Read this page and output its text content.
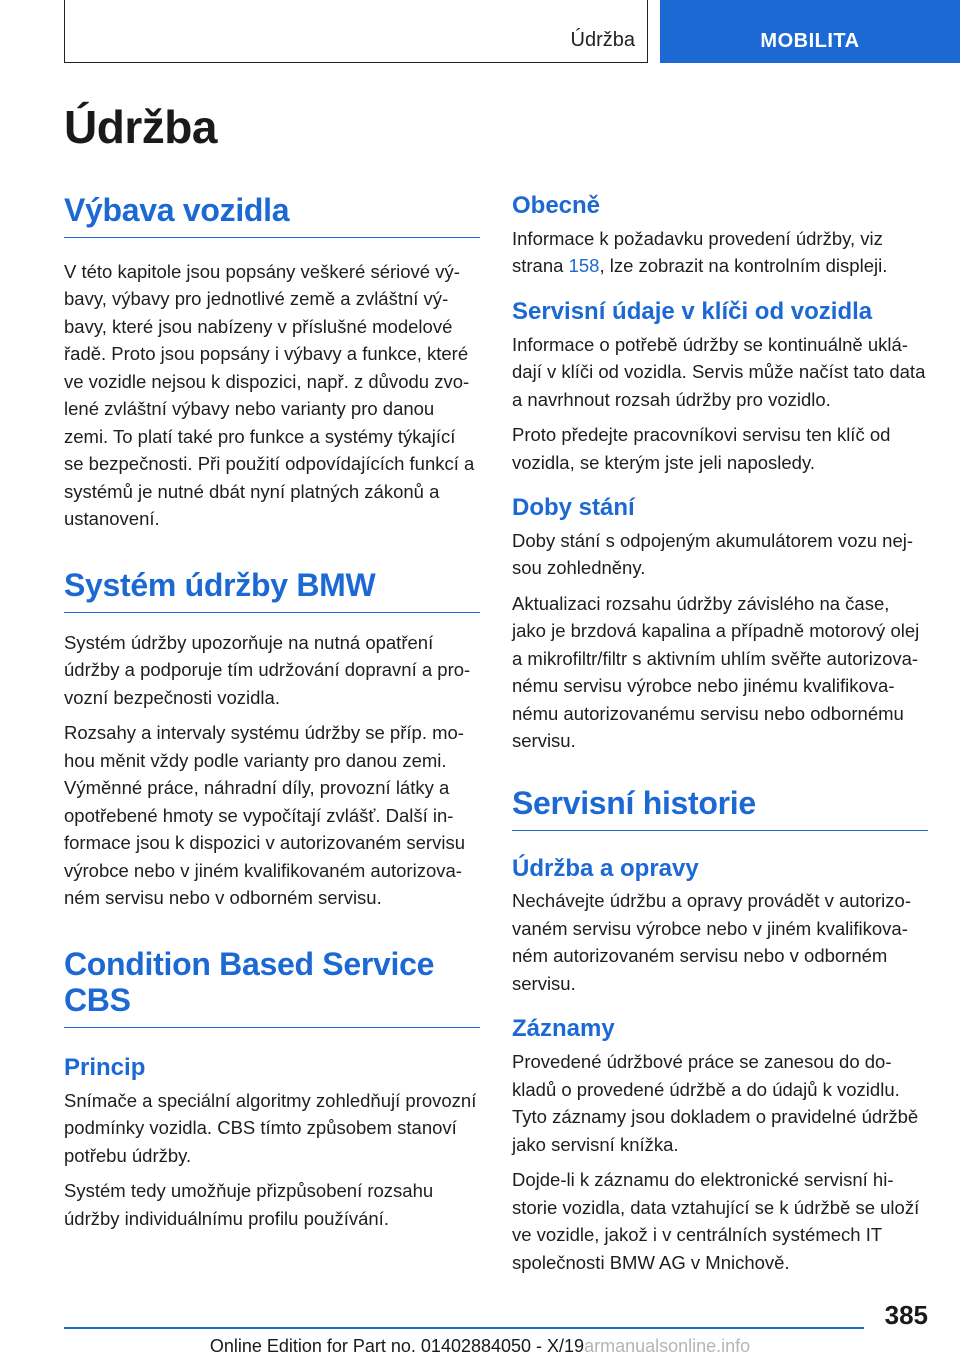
Údržba	MOBILITA
Údržba
Výbava vozidla

V této kapitole jsou popsány veškeré sériové výbavy, výbavy pro jednotlivé země a zvláštní výbavy, které jsou nabízeny v příslušné modelové řadě. Proto jsou popsány i výbavy a funkce, které ve vozidle nejsou k dispozici, např. z důvodu zvolené zvláštní výbavy nebo varianty pro danou zemi. To platí také pro funkce a systémy týkající se bezpečnosti. Při použití odpovídajících funkcí a systémů je nutné dbát nyní platných zákonů a ustanovení.

Systém údržby BMW

Systém údržby upozorňuje na nutná opatření údržby a podporuje tím udržování dopravní a provozní bezpečnosti vozidla.

Rozsahy a intervaly systému údržby se příp. mohou měnit vždy podle varianty pro danou zemi. Výměnné práce, náhradní díly, provozní látky a opotřebené hmoty se vypočítají zvlášť. Další informace jsou k dispozici v autorizovaném servisu výrobce nebo v jiném kvalifikovaném autorizovaném servisu nebo v odborném servisu.

Condition Based Service CBS
Princip

Snímače a speciální algoritmy zohledňují provozní podmínky vozidla. CBS tímto způsobem stanoví potřebu údržby.

Systém tedy umožňuje přizpůsobení rozsahu údržby individuálnímu profilu používání.

Obecně

Informace k požadavku provedení údržby, viz strana 158, lze zobrazit na kontrolním displeji.

Servisní údaje v klíči od vozidla

Informace o potřebě údržby se kontinuálně ukládají v klíči od vozidla. Servis může načíst tato data a navrhnout rozsah údržby pro vozidlo.

Proto předejte pracovníkovi servisu ten klíč od vozidla, se kterým jste jeli naposledy.

Doby stání

Doby stání s odpojeným akumulátorem vozu nejsou zohledněny.

Aktualizaci rozsahu údržby závislého na čase, jako je brzdová kapalina a případně motorový olej a mikrofiltr/filtr s aktivním uhlím svěřte autorizovanému servisu výrobce nebo jinému kvalifikovanému autorizovanému servisu nebo odbornému servisu.

Servisní historie
Údržba a opravy

Nechávejte údržbu a opravy provádět v autorizovaném servisu výrobce nebo v jiném kvalifikovaném autorizovaném servisu nebo v odborném servisu.

Záznamy

Provedené údržbové práce se zanesou do dokladů o provedené údržbě a do údajů k vozidlu. Tyto záznamy jsou dokladem o pravidelné údržbě jako servisní knížka.

Dojde-li k záznamu do elektronické servisní historie vozidla, data vztahující se k údržbě se uloží ve vozidle, jakož i v centrálních systémech IT společnosti BMW AG v Mnichově.

385
Online Edition for Part no. 01402884050 - X/19armanualsonline.info
